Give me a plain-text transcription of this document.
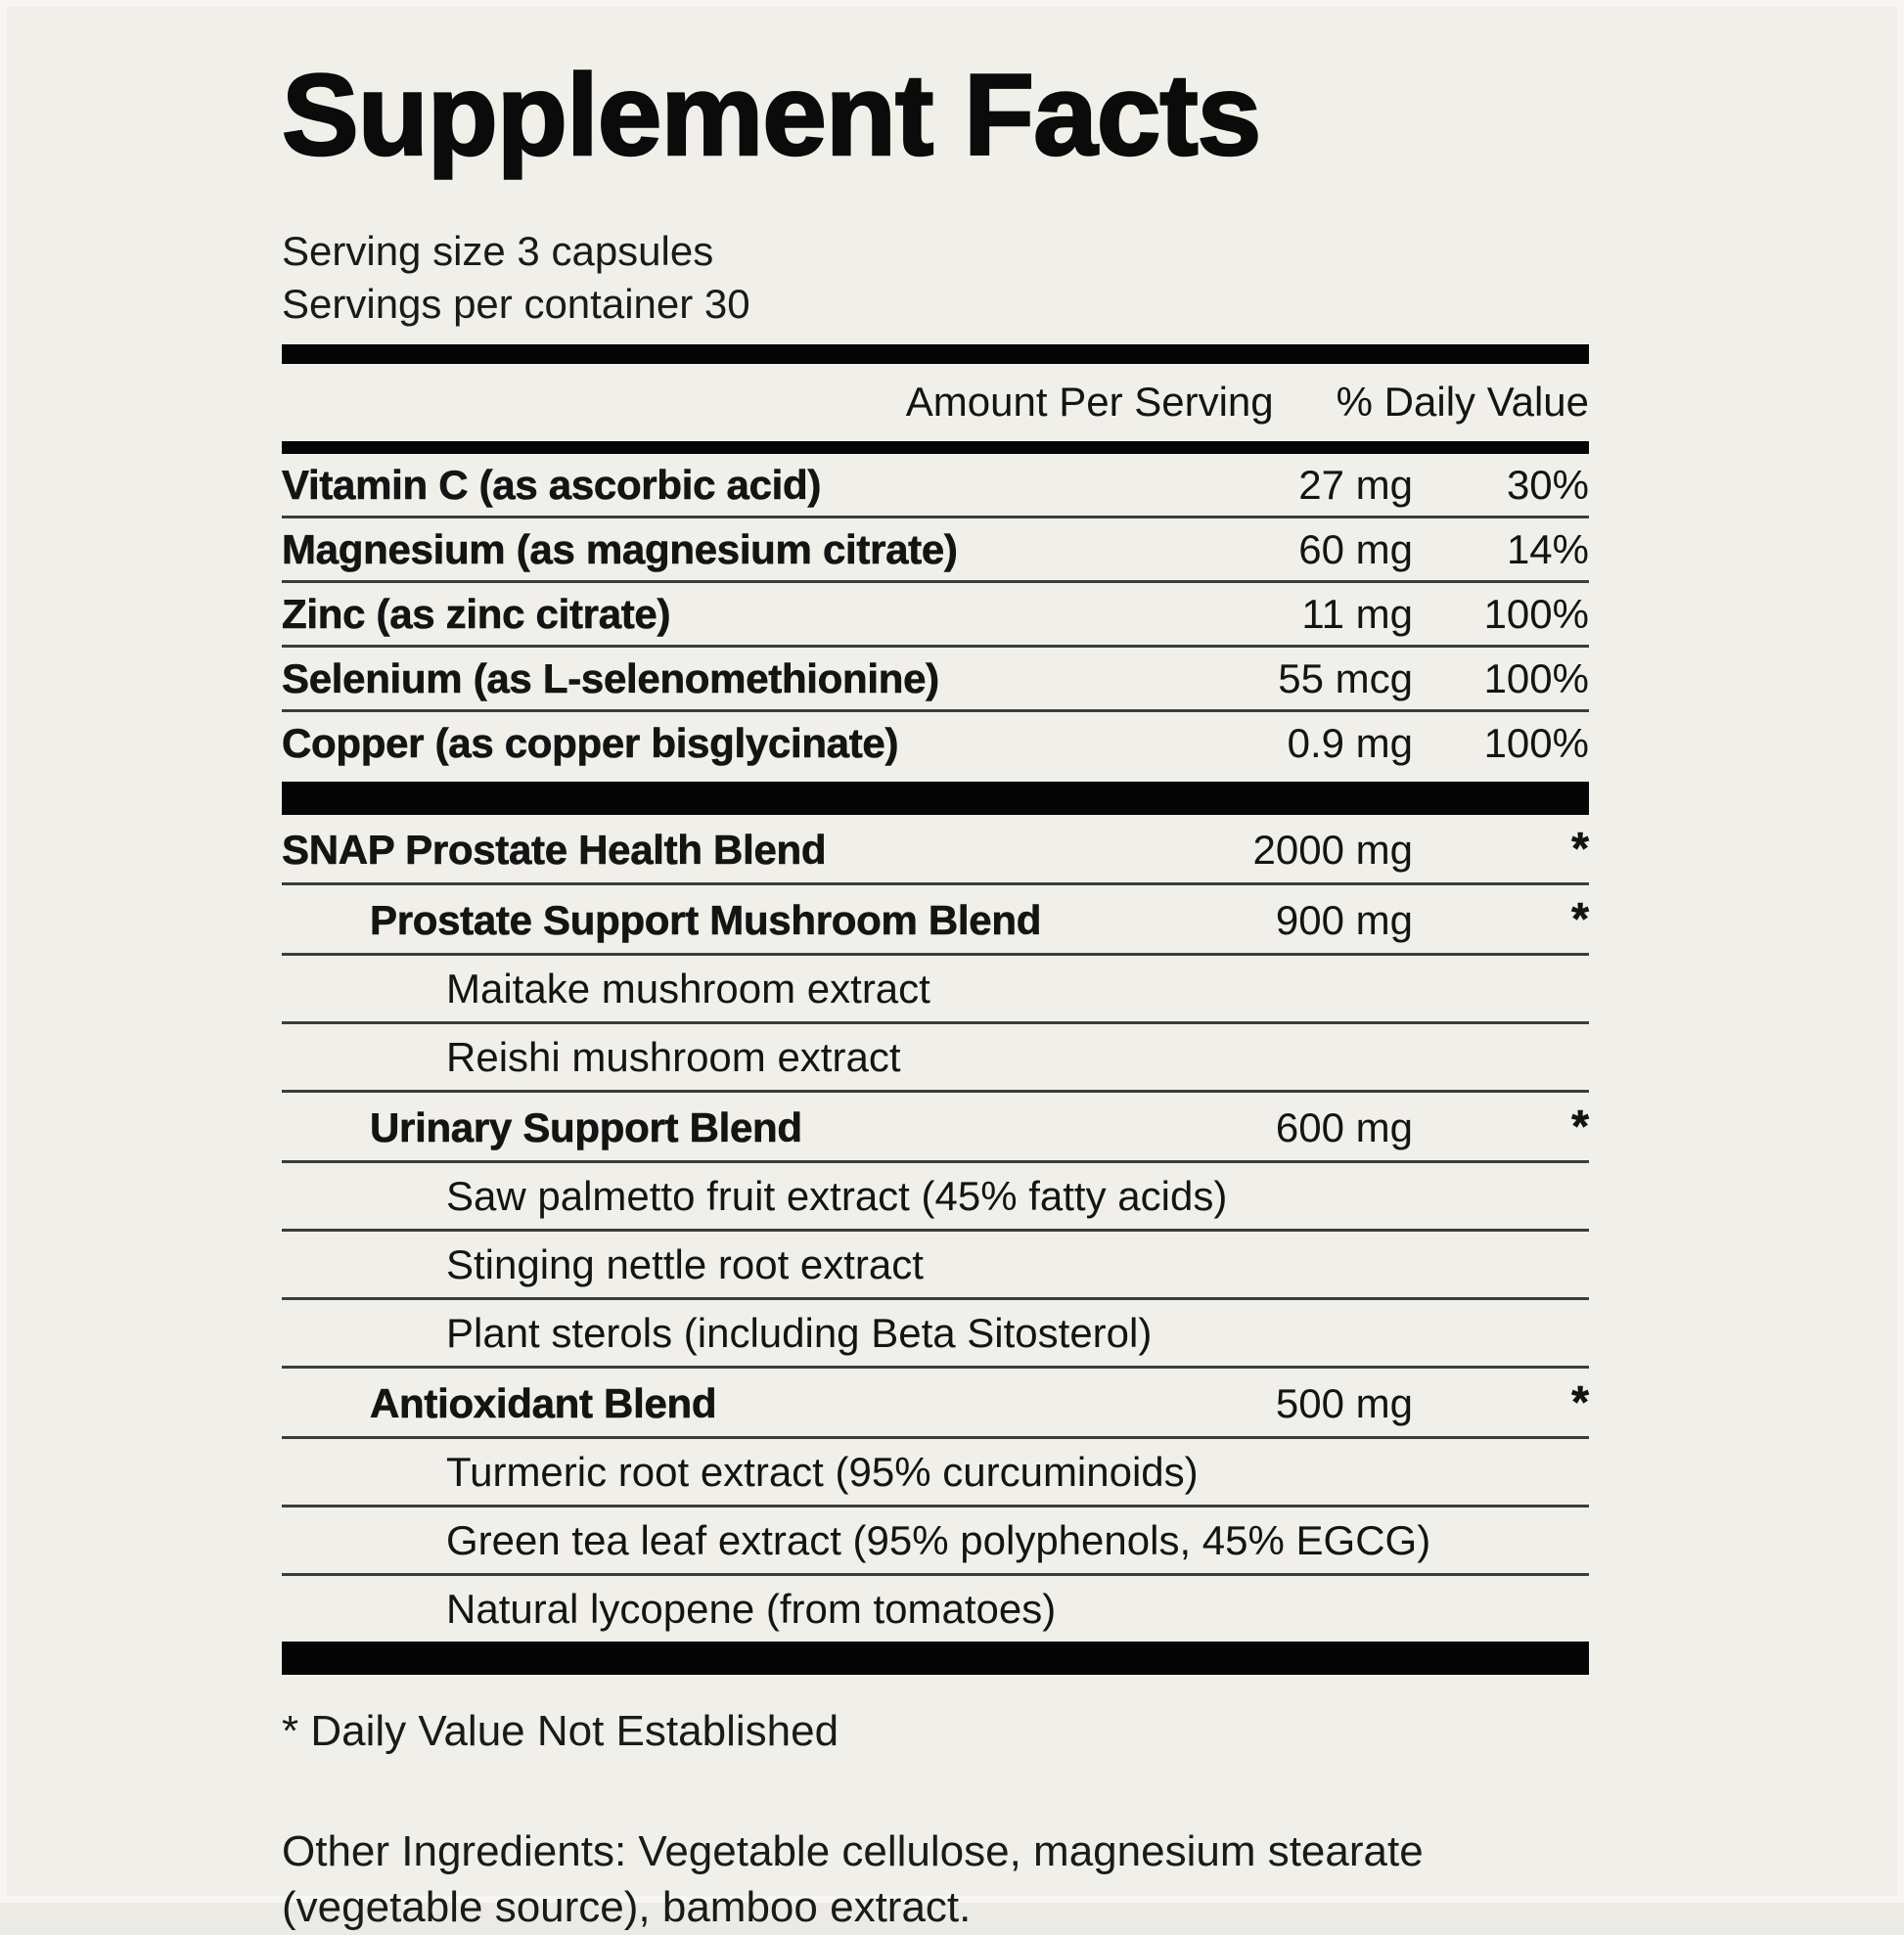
Supplement Facts
Serving size 3 capsules
Servings per container 30
Amount Per Serving % Daily Value
Vitamin C (as ascorbic acid)	27 mg	30%
Magnesium (as magnesium citrate)	60 mg	14%
Zinc (as zinc citrate)	11 mg	100%
Selenium (as L-selenomethionine)	55 mcg	100%
Copper (as copper bisglycinate)	0.9 mg	100%
SNAP Prostate Health Blend	2000 mg	*
Prostate Support Mushroom Blend	900 mg	*
Maitake mushroom extract
Reishi mushroom extract
Urinary Support Blend	600 mg	*
Saw palmetto fruit extract (45% fatty acids)
Stinging nettle root extract
Plant sterols (including Beta Sitosterol)
Antioxidant Blend	500 mg	*
Turmeric root extract (95% curcuminoids)
Green tea leaf extract (95% polyphenols, 45% EGCG)
Natural lycopene (from tomatoes)
* Daily Value Not Established
Other Ingredients: Vegetable cellulose, magnesium stearate (vegetable source), bamboo extract.
